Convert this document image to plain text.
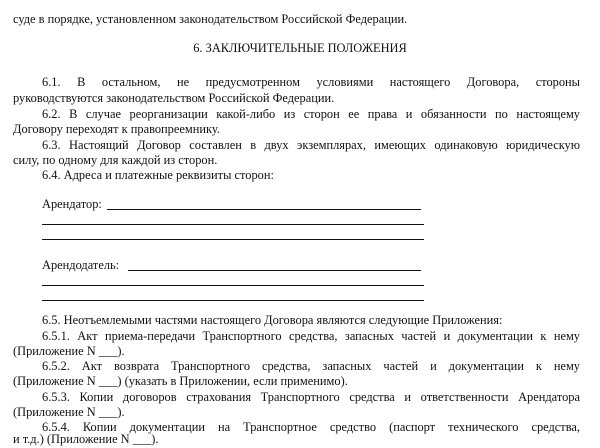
суде в порядке, установленном законодательством Российской Федерации.
6. ЗАКЛЮЧИТЕЛЬНЫЕ ПОЛОЖЕНИЯ
6.1. В остальном, не предусмотренном условиями настоящего Договора, стороны
руководствуются законодательством Российской Федерации.
6.2. В случае реорганизации какой-либо из сторон ее права и обязанности по настоящему
Договору переходят к правопреемнику.
6.3. Настоящий Договор составлен в двух экземплярах, имеющих одинаковую юридическую
силу, по одному для каждой из сторон.
6.4. Адреса и платежные реквизиты сторон:
Арендатор:
Арендодатель:
6.5. Неотъемлемыми частями настоящего Договора являются следующие Приложения:
6.5.1. Акт приема-передачи Транспортного средства, запасных частей и документации к нему
(Приложение N ___).
6.5.2. Акт возврата Транспортного средства, запасных частей и документации к нему
(Приложение N ___) (указать в Приложении, если применимо).
6.5.3. Копии договоров страхования Транспортного средства и ответственности Арендатора
(Приложение N ___).
6.5.4. Копии документации на Транспортное средство (паспорт технического средства,
и т.д.) (Приложение N ___).
